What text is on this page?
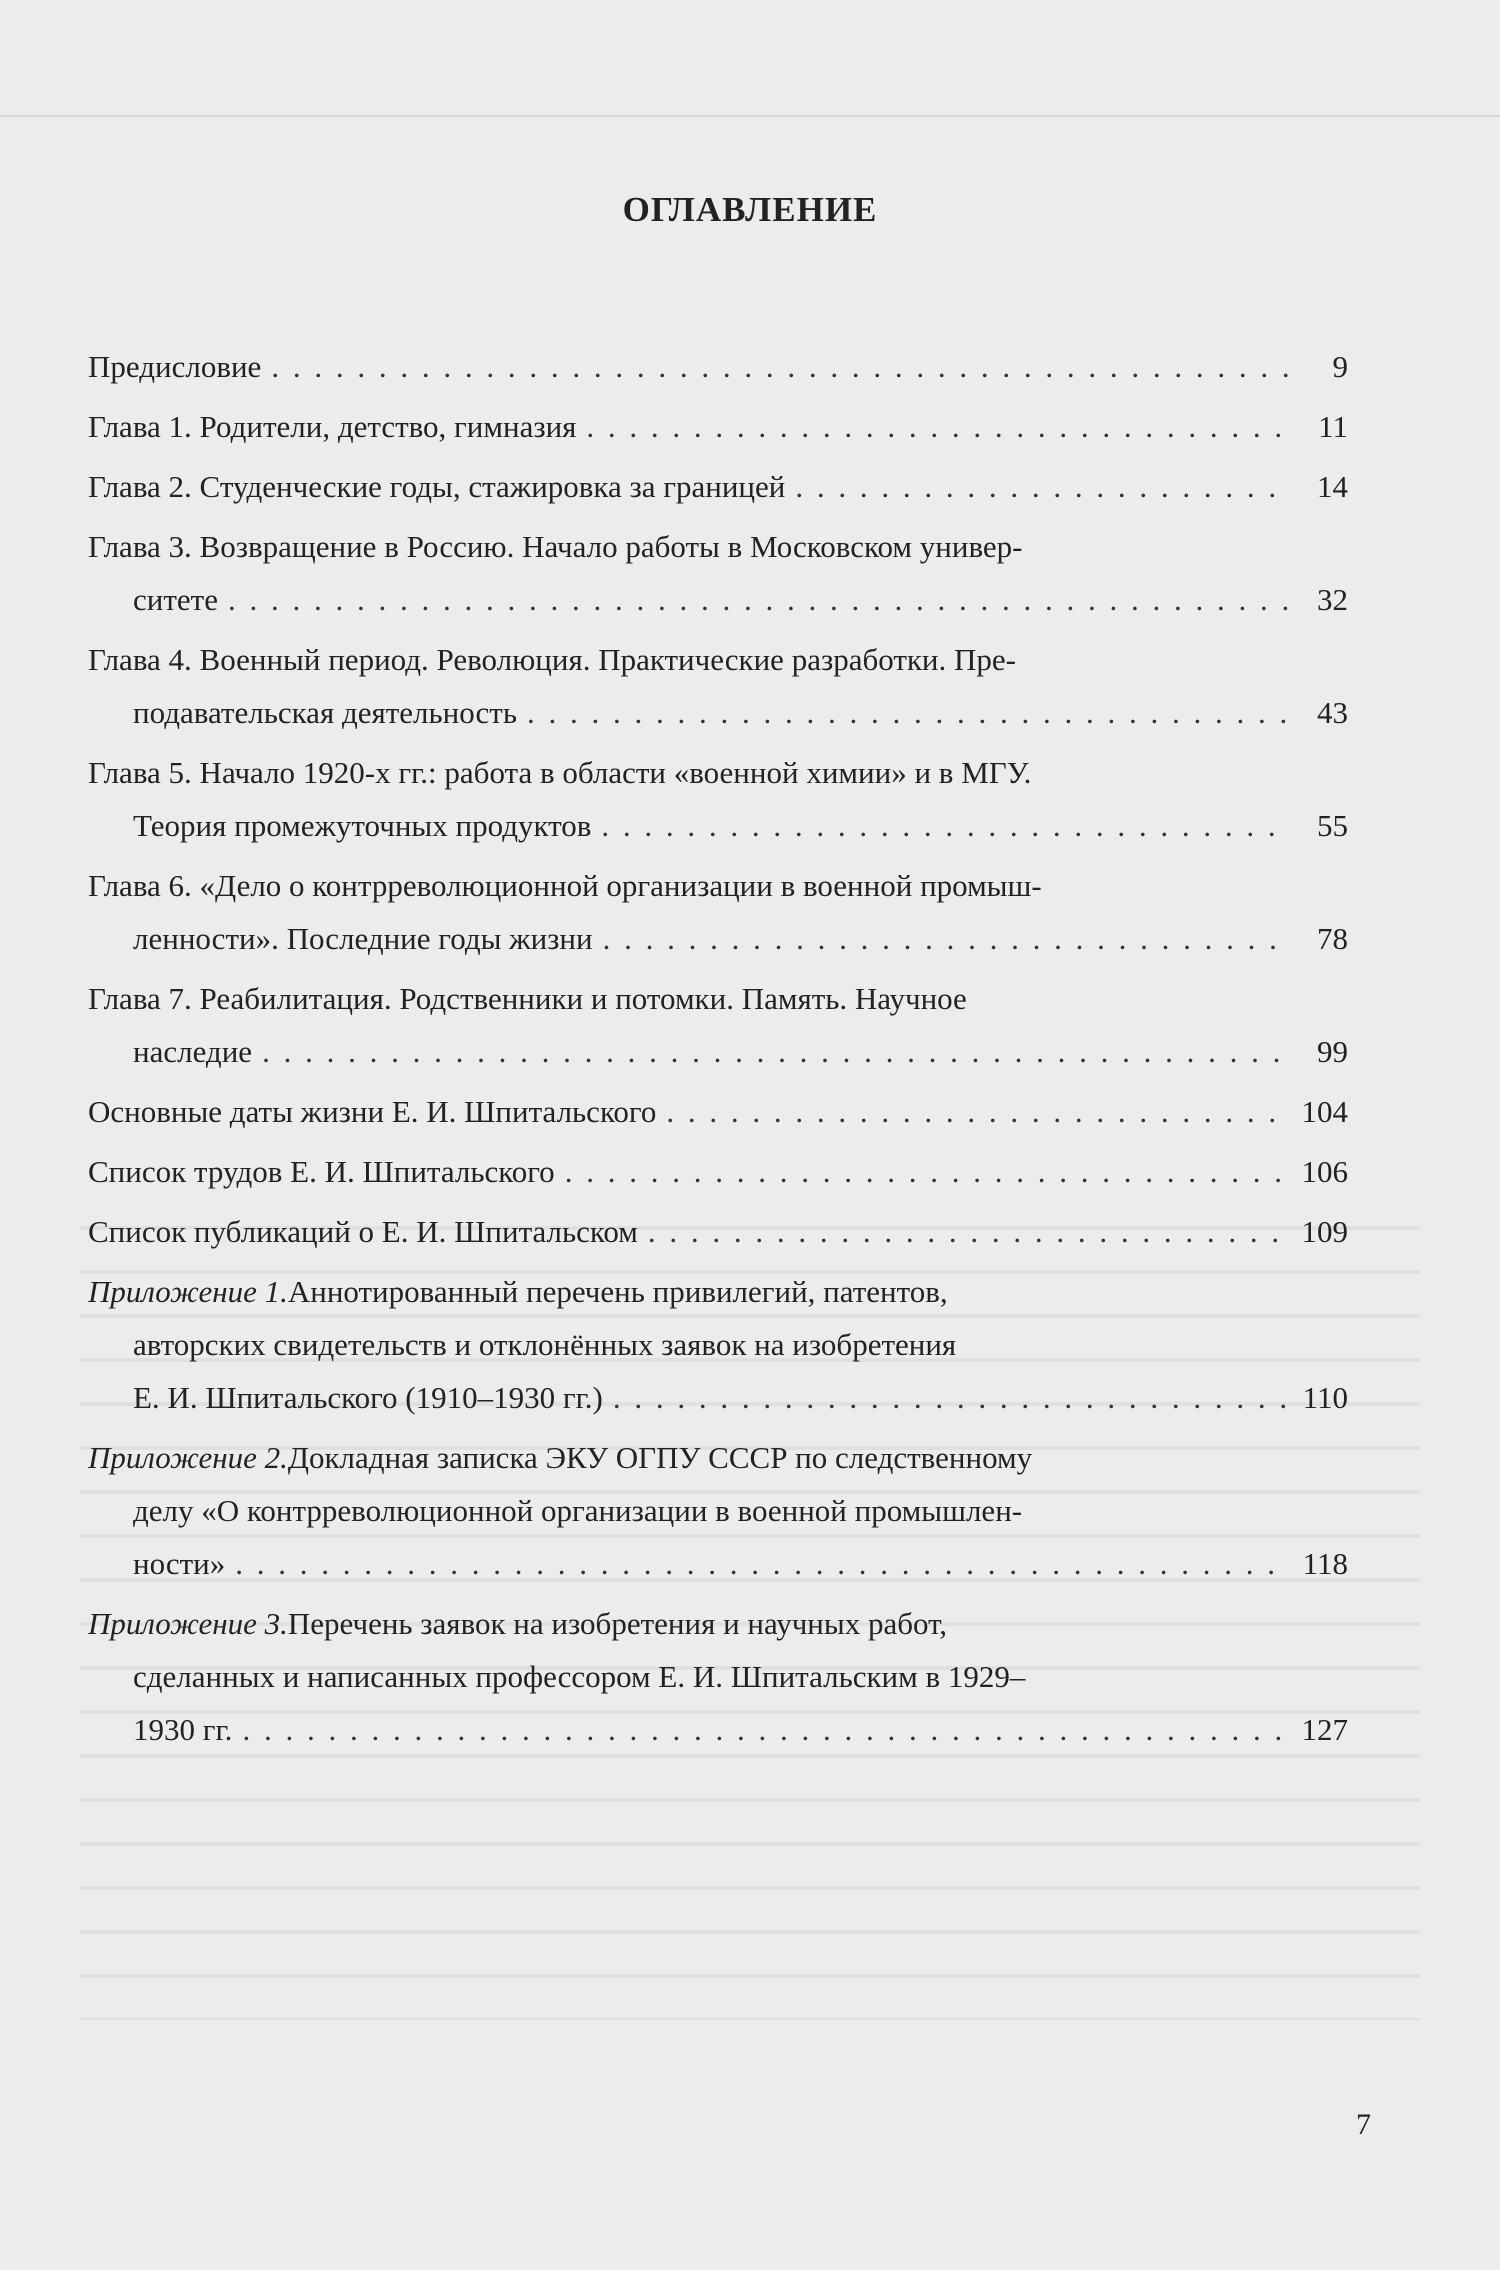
ОГЛАВЛЕНИЕ
Предисловие . . .	9
Глава 1. Родители, детство, гимназия . . .	11
Глава 2. Студенческие годы, стажировка за границей . . .	14
Глава 3. Возвращение в Россию. Начало работы в Московском универ-
ситете . . .	32
Глава 4. Военный период. Революция. Практические разработки. Пре-
подавательская деятельность . . .	43
Глава 5. Начало 1920-х гг.: работа в области «военной химии» и в МГУ.
Теория промежуточных продуктов . . .	55
Глава 6. «Дело о контрреволюционной организации в военной промыш-
ленности». Последние годы жизни . . .	78
Глава 7. Реабилитация. Родственники и потомки. Память. Научное
наследие . . .	99
Основные даты жизни Е. И. Шпитальского . . .	104
Список трудов Е. И. Шпитальского . . .	106
Список публикаций о Е. И. Шпитальском . . .	109
Приложение 1. Аннотированный перечень привилегий, патентов,
авторских свидетельств и отклонённых заявок на изобретения
Е. И. Шпитальского (1910–1930 гг.) . . .	110
Приложение 2. Докладная записка ЭКУ ОГПУ СССР по следственному
делу «О контрреволюционной организации в военной промышлен-
ности» . . .	118
Приложение 3. Перечень заявок на изобретения и научных работ,
сделанных и написанных профессором Е. И. Шпитальским в 1929–
1930 гг. . . .	127
7
